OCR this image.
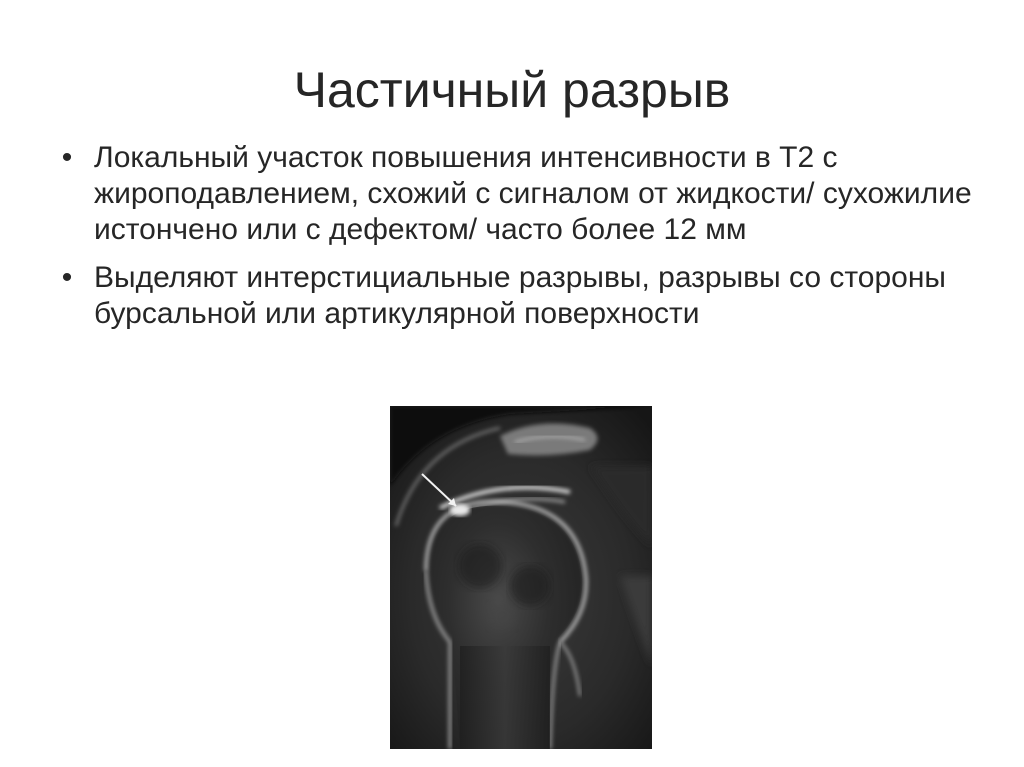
Частичный разрыв
• Локальный участок повышения интенсивности в Т2 с жироподавлением, схожий с сигналом от жидкости/ сухожилие истончено или с дефектом/ часто более 12 мм
• Выделяют интерстициальные разрывы, разрывы со стороны бурсальной или артикулярной поверхности
